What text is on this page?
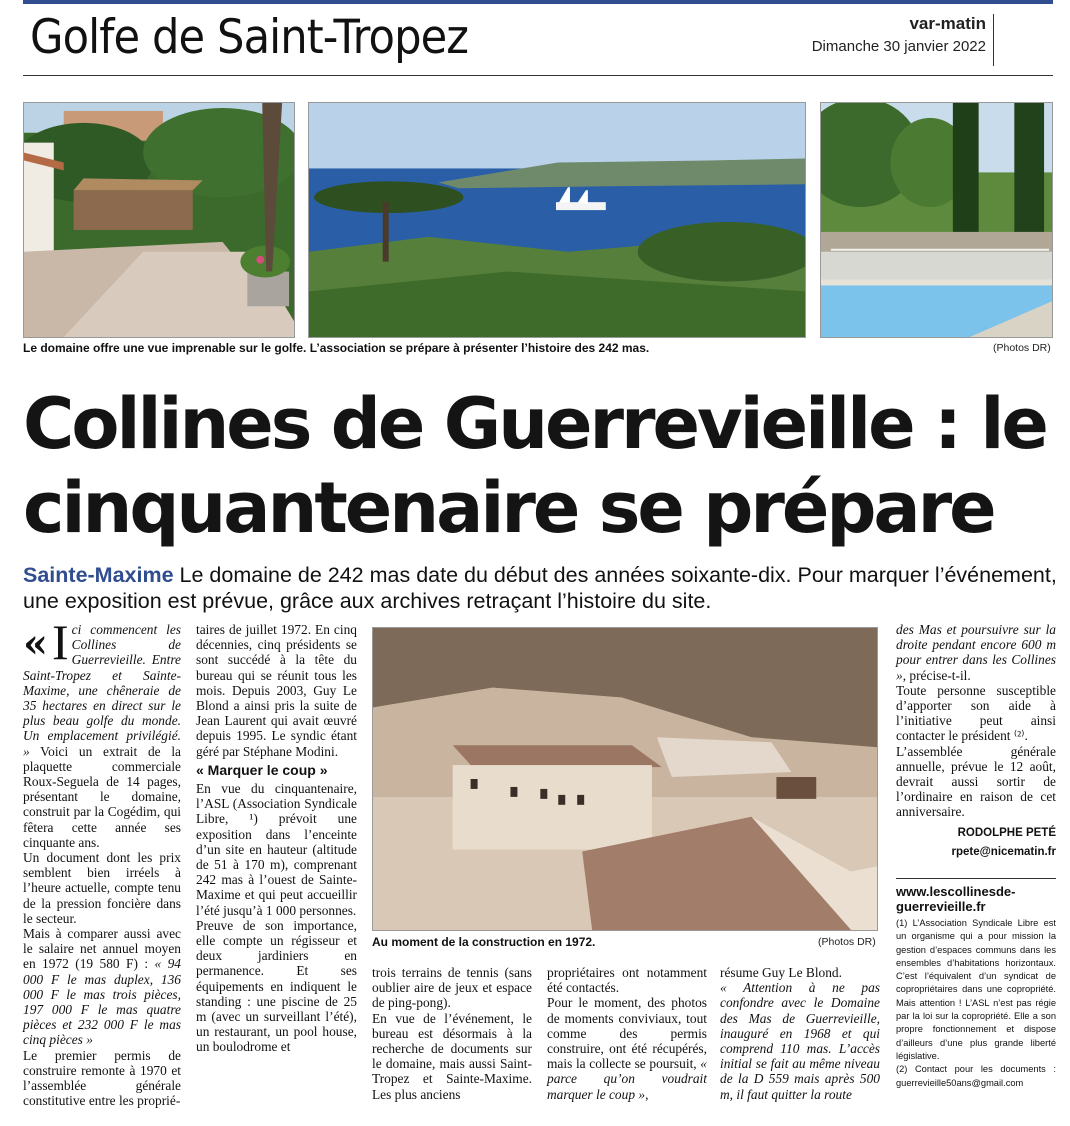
Golfe de Saint-Tropez	var-matin
Dimanche 30 janvier 2022
Le domaine offre une vue imprenable sur le golfe. L’association se prépare à présenter l’histoire des 242 mas.	(Photos DR)
Collines de Guerrevieille : le cinquantenaire se prépare
Sainte-Maxime Le domaine de 242 mas date du début des années soixante-dix. Pour marquer l’événement, une exposition est prévue, grâce aux archives retraçant l’histoire du site.

« I ci commencent les Collines de Guerrevieille. Entre Saint-Tropez et Sainte-Maxime, une chêneraie de 35 hectares en direct sur le plus beau golfe du monde. Un emplacement privilégié. » Voici un extrait de la plaquette commerciale Roux-Seguela de 14 pages, présentant le domaine, construit par la Cogédim, qui fêtera cette année ses cinquante ans.

Un document dont les prix semblent bien irréels à l’heure actuelle, compte tenu de la pression foncière dans le secteur.

Mais à comparer aussi avec le salaire net annuel moyen en 1972 (19 580 F) : « 94 000 F le mas duplex, 136 000 F le mas trois pièces, 197 000 F le mas quatre pièces et 232 000 F le mas cinq pièces »

Le premier permis de construire remonte à 1970 et l’assemblée générale constitutive entre les proprié-

taires de juillet 1972. En cinq décennies, cinq présidents se sont succédé à la tête du bureau qui se réunit tous les mois. Depuis 2003, Guy Le Blond a ainsi pris la suite de Jean Laurent qui avait œuvré depuis 1995. Le syndic étant géré par Stéphane Modini.

« Marquer le coup »

En vue du cinquantenaire, l’ASL (Association Syndicale Libre, ¹) prévoit une exposition dans l’enceinte d’un site en hauteur (altitude de 51 à 170 m), comprenant 242 mas à l’ouest de Sainte-Maxime et qui peut accueillir l’été jusqu’à 1 000 personnes.

Preuve de son importance, elle compte un régisseur et deux jardiniers en permanence. Et ses équipements en indiquent le standing : une piscine de 25 m (avec un surveillant l’été), un restaurant, un pool house, un boulodrome et

Au moment de la construction en 1972.	(Photos DR)

trois terrains de tennis (sans oublier aire de jeux et espace de ping-pong).

En vue de l’événement, le bureau est désormais à la recherche de documents sur le domaine, mais aussi Saint-Tropez et Sainte-Maxime. Les plus anciens

propriétaires ont notamment été contactés.

Pour le moment, des photos de moments conviviaux, tout comme des permis construire, ont été récupérés, mais la collecte se poursuit, « parce qu’on voudrait marquer le coup »,

résume Guy Le Blond.

« Attention à ne pas confondre avec le Domaine des Mas de Guerrevieille, inauguré en 1968 et qui comprend 110 mas. L’accès initial se fait au même niveau de la D 559 mais après 500 m, il faut quitter la route

des Mas et poursuivre sur la droite pendant encore 600 m pour entrer dans les Collines », précise-t-il.

Toute personne susceptible d’apporter son aide à l’initiative peut ainsi contacter le président ⁽²⁾.

L’assemblée générale annuelle, prévue le 12 août, devrait aussi sortir de l’ordinaire en raison de cet anniversaire.

RODOLPHE PETÉ
rpete@nicematin.fr
www.lescollinesde-guerrevieille.fr

(1) L’Association Syndicale Libre est un organisme qui a pour mission la gestion d’espaces communs dans les ensembles d’habitations horizontaux. C’est l’équivalent d’un syndicat de copropriétaires dans une copropriété. Mais attention ! L’ASL n’est pas régie par la loi sur la copropriété. Elle a son propre fonctionnement et dispose d’ailleurs d’une plus grande liberté législative.

(2) Contact pour les documents : guerrevieille50ans@gmail.com
